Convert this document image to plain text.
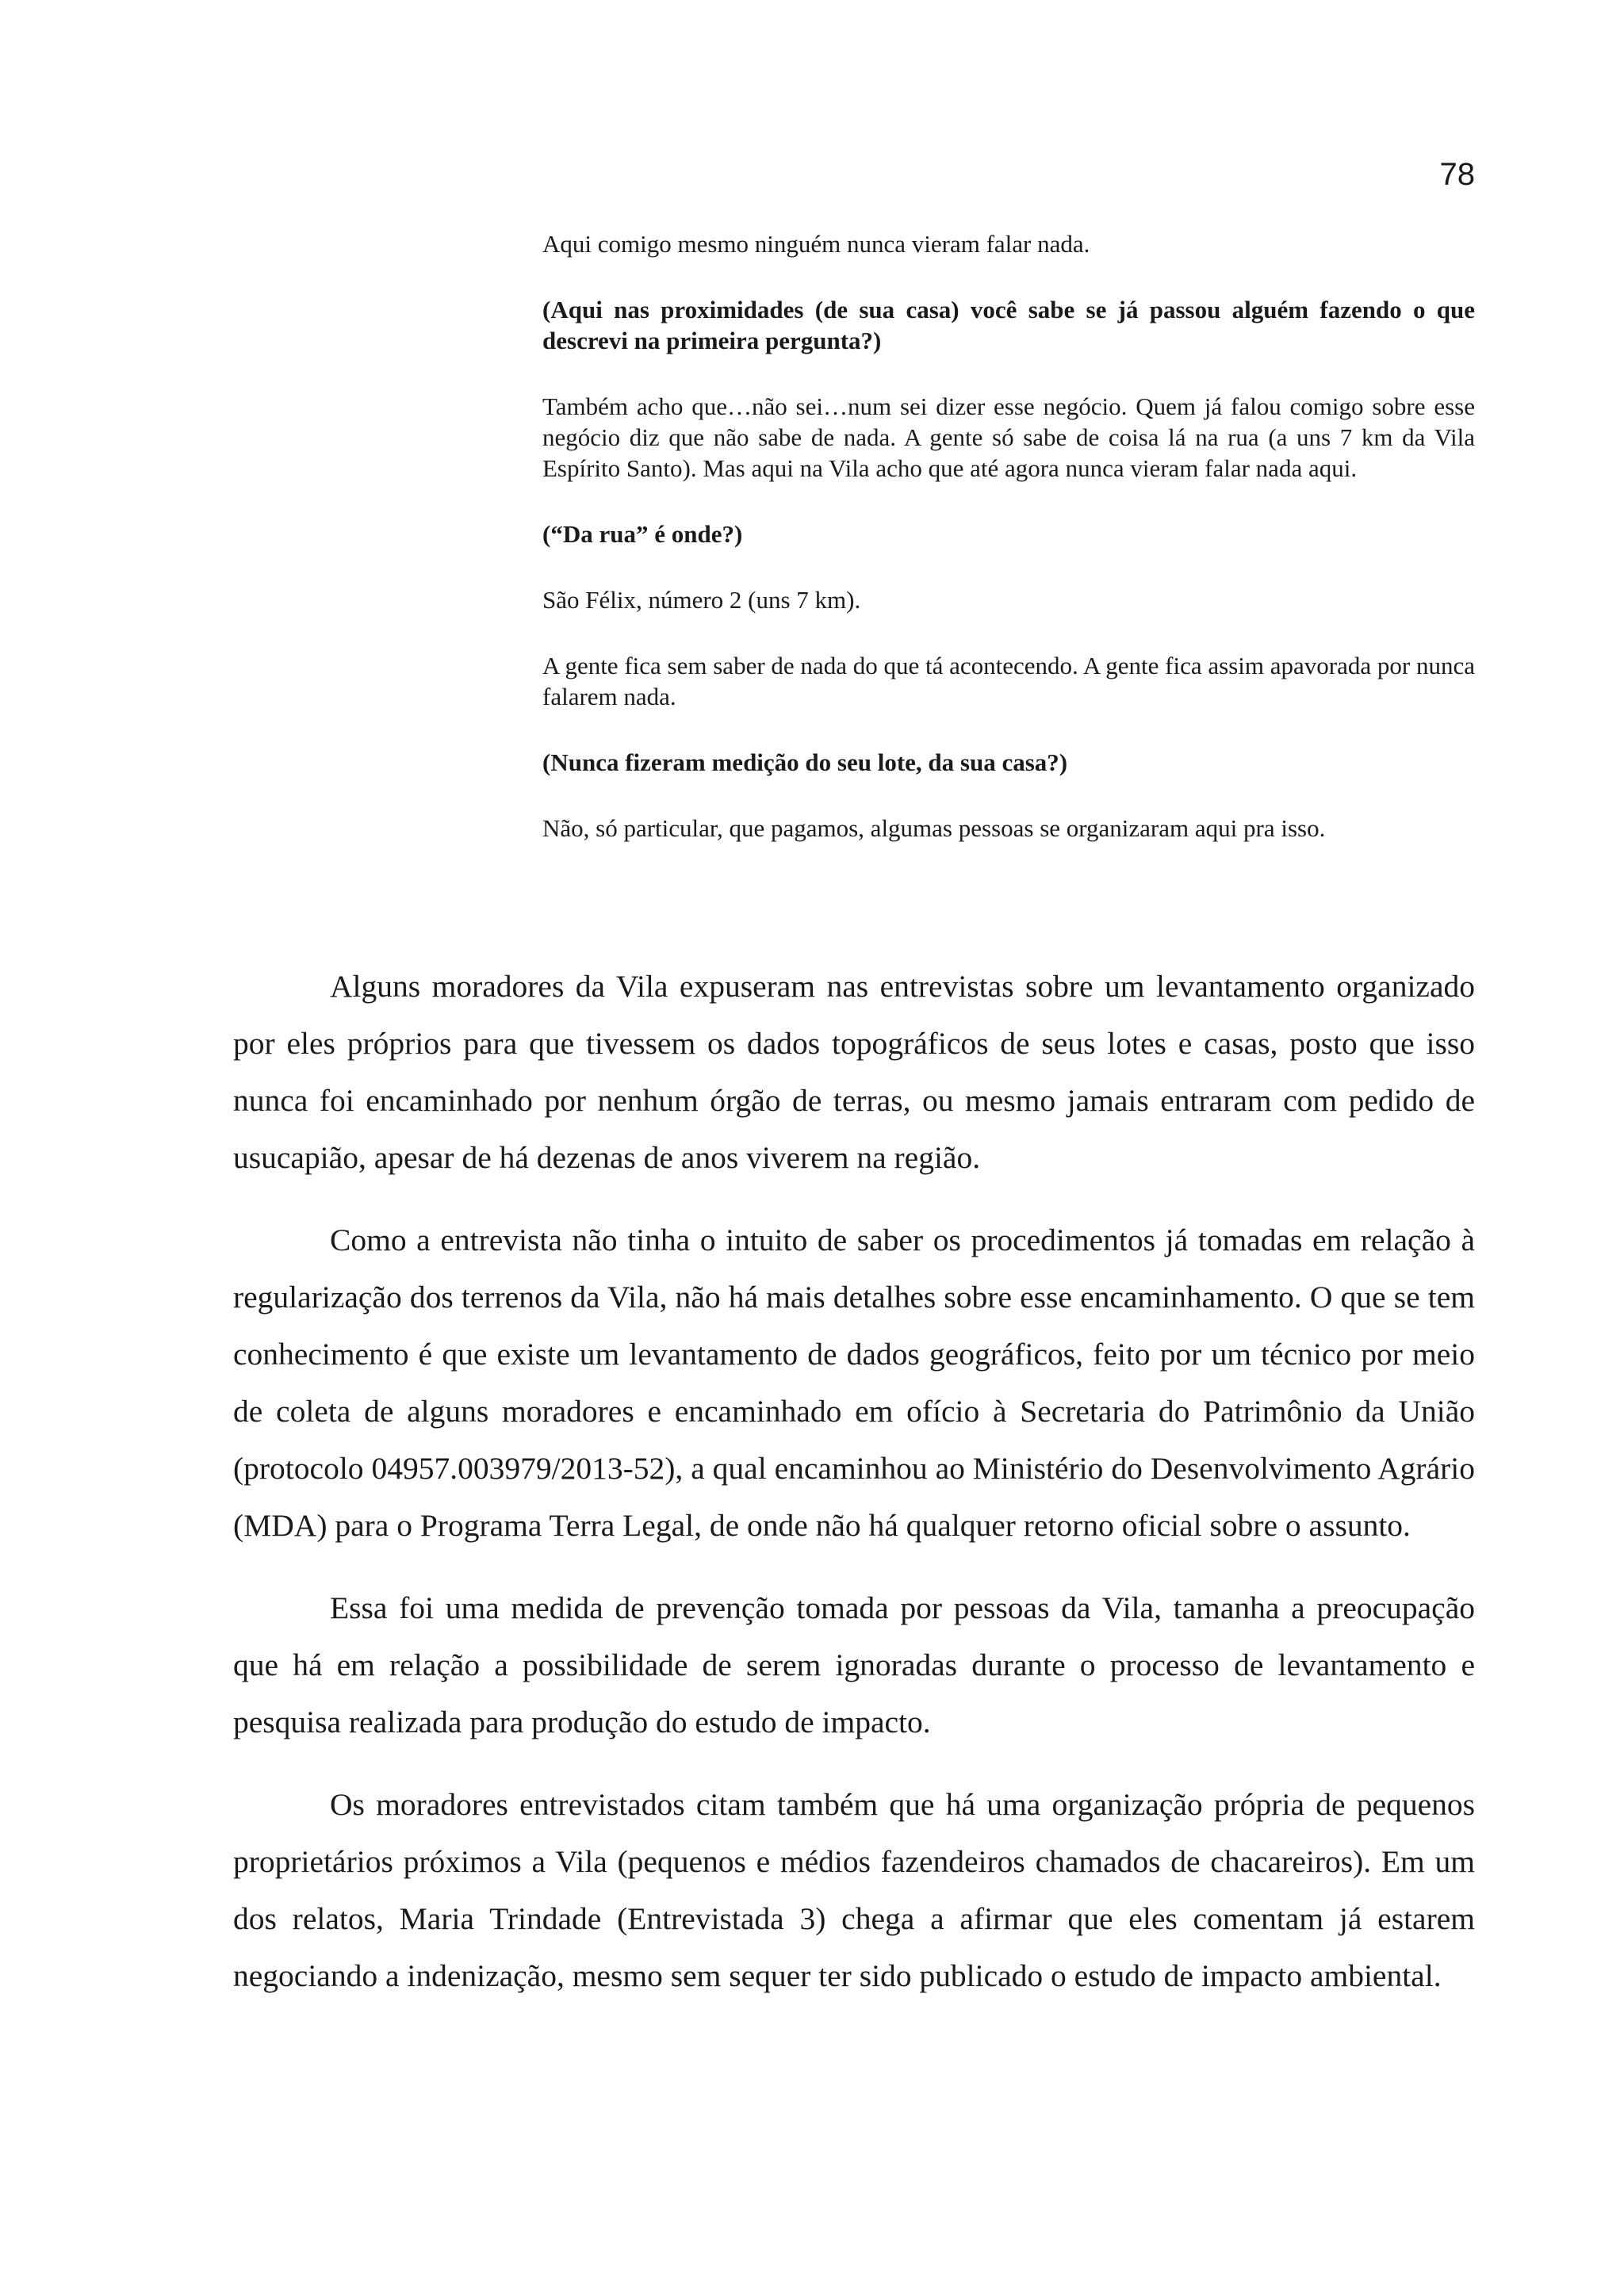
78

Aqui comigo mesmo ninguém nunca vieram falar nada.

(Aqui nas proximidades (de sua casa) você sabe se já passou alguém fazendo o que descrevi na primeira pergunta?)

Também acho que…não sei…num sei dizer esse negócio. Quem já falou comigo sobre esse negócio diz que não sabe de nada. A gente só sabe de coisa lá na rua (a uns 7 km da Vila Espírito Santo). Mas aqui na Vila acho que até agora nunca vieram falar nada aqui.

(“Da rua” é onde?)

São Félix, número 2 (uns 7 km).

A gente fica sem saber de nada do que tá acontecendo. A gente fica assim apavorada por nunca falarem nada.

(Nunca fizeram medição do seu lote, da sua casa?)

Não, só particular, que pagamos, algumas pessoas se organizaram aqui pra isso.

Alguns moradores da Vila expuseram nas entrevistas sobre um levantamento organizado por eles próprios para que tivessem os dados topográficos de seus lotes e casas, posto que isso nunca foi encaminhado por nenhum órgão de terras, ou mesmo jamais entraram com pedido de usucapião, apesar de há dezenas de anos viverem na região.

Como a entrevista não tinha o intuito de saber os procedimentos já tomadas em relação à regularização dos terrenos da Vila, não há mais detalhes sobre esse encaminhamento. O que se tem conhecimento é que existe um levantamento de dados geográficos, feito por um técnico por meio de coleta de alguns moradores e encaminhado em ofício à Secretaria do Patrimônio da União (protocolo 04957.003979/2013-52), a qual encaminhou ao Ministério do Desenvolvimento Agrário (MDA) para o Programa Terra Legal, de onde não há qualquer retorno oficial sobre o assunto.

Essa foi uma medida de prevenção tomada por pessoas da Vila, tamanha a preocupação que há em relação a possibilidade de serem ignoradas durante o processo de levantamento e pesquisa realizada para produção do estudo de impacto.

Os moradores entrevistados citam também que há uma organização própria de pequenos proprietários próximos a Vila (pequenos e médios fazendeiros chamados de chacareiros). Em um dos relatos, Maria Trindade (Entrevistada 3) chega a afirmar que eles comentam já estarem negociando a indenização, mesmo sem sequer ter sido publicado o estudo de impacto ambiental.
